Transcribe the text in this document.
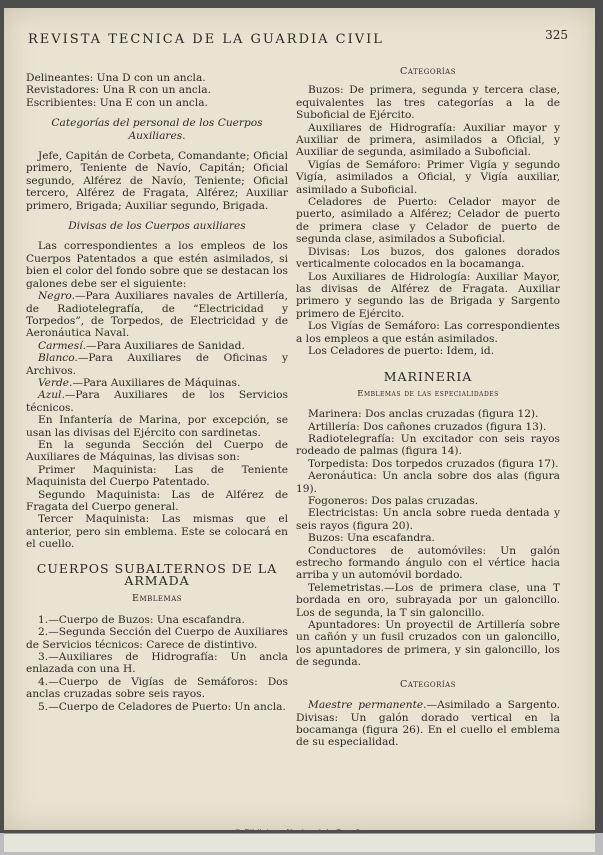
REVISTA TECNICA DE LA GUARDIA CIVIL	325

Delineantes: Una D con un ancla.

Revistadores: Una R con un ancla.

Escribientes: Una E con un ancla.

Categorías del personal de los Cuerpos Auxiliares.

Jefe, Capitán de Corbeta, Comandante; Oficial primero, Teniente de Navío, Capitán; Oficial segundo, Alférez de Navío, Teniente; Oficial tercero, Alférez de Fragata, Alférez; Auxiliar primero, Brigada; Auxiliar segundo, Brigada.

Divisas de los Cuerpos auxiliares

Las correspondientes a los empleos de los Cuerpos Patentados a que estén asimilados, si bien el color del fondo sobre que se destacan los galones debe ser el siguiente:

Negro.—Para Auxiliares navales de Artillería, de Radiotelegrafía, de “Electricidad y Torpedos”, de Torpedos, de Electricidad y de Aeronáutica Naval.

Carmesí.—Para Auxiliares de Sanidad.

Blanco.—Para Auxiliares de Oficinas y Archivos.

Verde.—Para Auxiliares de Máquinas.

Azul.—Para Auxiliares de los Servicios técnicos.

En Infantería de Marina, por excepción, se usan las divisas del Ejército con sardinetas.

En la segunda Sección del Cuerpo de Auxiliares de Máquinas, las divisas son:

Primer Maquinista: Las de Teniente Maquinista del Cuerpo Patentado.

Segundo Maquinista: Las de Alférez de Fragata del Cuerpo general.

Tercer Maquinista: Las mismas que el anterior, pero sin emblema. Este se colocará en el cuello.

CUERPOS SUBALTERNOS DE LA ARMADA

Emblemas

1.—Cuerpo de Buzos: Una escafandra.

2.—Segunda Sección del Cuerpo de Auxiliares de Servicios técnicos: Carece de distintivo.

3.—Auxiliares de Hidrografía: Un ancla enlazada con una H.

4.—Cuerpo de Vigías de Semáforos: Dos anclas cruzadas sobre seis rayos.

5.—Cuerpo de Celadores de Puerto: Un ancla.

Categorías

Buzos: De primera, segunda y tercera clase, equivalentes las tres categorías a la de Suboficial de Ejército.

Auxiliares de Hidrografía: Auxiliar mayor y Auxiliar de primera, asimilados a Oficial, y Auxiliar de segunda, asimilado a Suboficial.

Vigías de Semáforo: Primer Vigía y segundo Vigía, asimilados a Oficial, y Vigía auxiliar, asimilado a Suboficial.

Celadores de Puerto: Celador mayor de puerto, asimilado a Alférez; Celador de puerto de primera clase y Celador de puerto de segunda clase, asimilados a Suboficial.

Divisas: Los buzos, dos galones dorados verticalmente colocados en la bocamanga.

Los Auxiliares de Hidrología: Auxiliar Mayor, las divisas de Alférez de Fragata. Auxiliar primero y segundo las de Brigada y Sargento primero de Ejército.

Los Vigías de Semáforo: Las correspondientes a los empleos a que están asimilados.

Los Celadores de puerto: Idem, id.

MARINERIA

Emblemas de las especialidades

Marinera: Dos anclas cruzadas (figura 12).

Artillería: Dos cañones cruzados (figura 13).

Radiotelegrafía: Un excitador con seis rayos rodeado de palmas (figura 14).

Torpedista: Dos torpedos cruzados (figura 17).

Aeronáutica: Un ancla sobre dos alas (figura 19).

Fogoneros: Dos palas cruzadas.

Electricistas: Un ancla sobre rueda dentada y seis rayos (figura 20).

Buzos: Una escafandra.

Conductores de automóviles: Un galón estrecho formando ángulo con el vértice hacia arriba y un automóvil bordado.

Telemetristas.—Los de primera clase, una T bordada en oro, subrayada por un galoncillo. Los de segunda, la T sin galoncillo.

Apuntadores: Un proyectil de Artillería sobre un cañón y un fusil cruzados con un galoncillo, los apuntadores de primera, y sin galoncillo, los de segunda.

Categorías

Maestre permanente.—Asimilado a Sargento. Divisas: Un galón dorado vertical en la bocamanga (figura 26). En el cuello el emblema de su especialidad.
